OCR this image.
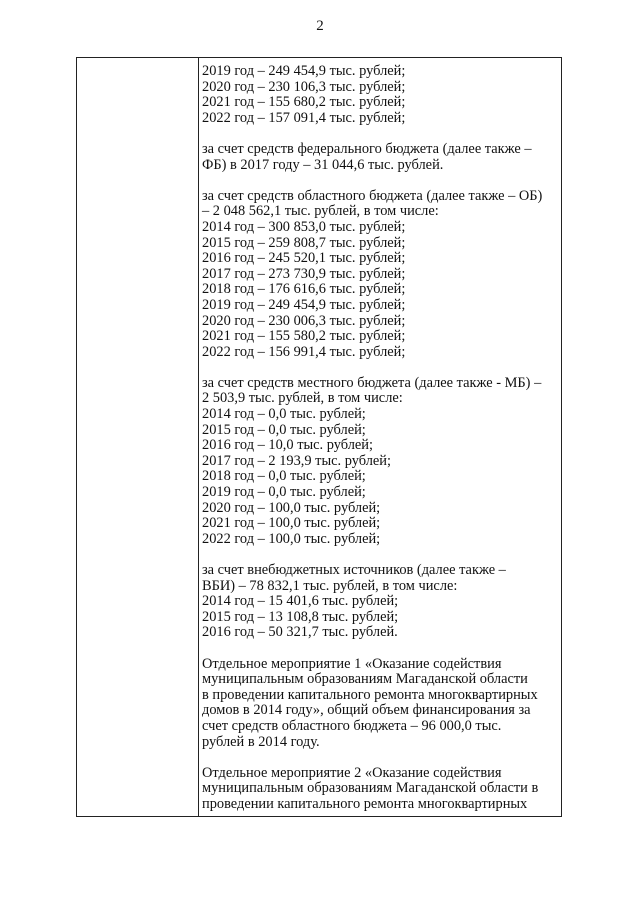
2
2019 год – 249 454,9 тыс. рублей;
2020 год – 230 106,3 тыс. рублей;
2021 год – 155 680,2 тыс. рублей;
2022 год – 157 091,4 тыс. рублей;
за счет средств федерального бюджета (далее также –
ФБ) в 2017 году – 31 044,6 тыс. рублей.
за счет средств областного бюджета (далее также – ОБ)
– 2 048 562,1 тыс. рублей, в том числе:
2014 год – 300 853,0 тыс. рублей;
2015 год – 259 808,7 тыс. рублей;
2016 год – 245 520,1 тыс. рублей;
2017 год – 273 730,9 тыс. рублей;
2018 год – 176 616,6 тыс. рублей;
2019 год – 249 454,9 тыс. рублей;
2020 год – 230 006,3 тыс. рублей;
2021 год – 155 580,2 тыс. рублей;
2022 год – 156 991,4 тыс. рублей;
за счет средств местного бюджета (далее также - МБ) –
2 503,9 тыс. рублей, в том числе:
2014 год – 0,0 тыс. рублей;
2015 год – 0,0 тыс. рублей;
2016 год – 10,0 тыс. рублей;
2017 год – 2 193,9 тыс. рублей;
2018 год – 0,0 тыс. рублей;
2019 год – 0,0 тыс. рублей;
2020 год – 100,0 тыс. рублей;
2021 год – 100,0 тыс. рублей;
2022 год – 100,0 тыс. рублей;
за счет внебюджетных источников (далее также –
ВБИ) – 78 832,1 тыс. рублей, в том числе:
2014 год – 15 401,6 тыс. рублей;
2015 год – 13 108,8 тыс. рублей;
2016 год – 50 321,7 тыс. рублей.
Отдельное мероприятие 1 «Оказание содействия
муниципальным образованиям Магаданской области
в проведении капитального ремонта многоквартирных
домов в 2014 году», общий объем финансирования за
счет средств областного бюджета – 96 000,0 тыс.
рублей в 2014 году.
Отдельное мероприятие 2 «Оказание содействия
муниципальным образованиям Магаданской области в
проведении капитального ремонта многоквартирных
